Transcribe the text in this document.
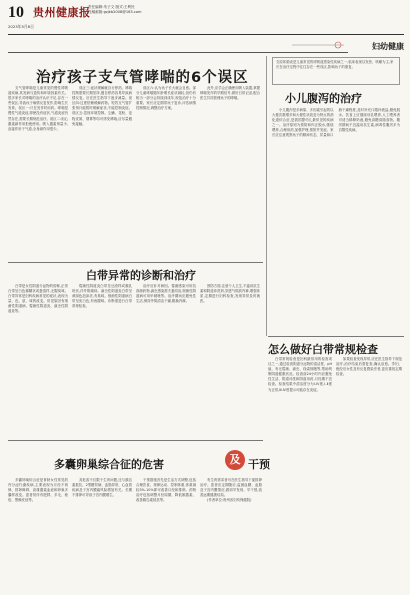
10 贵州健康报
责任编辑:朱子文 版式:王利民
投稿邮箱:gzjkb2008@163.com
2023年5月8日
妇幼健康
支原体肺炎是儿童常见的呼吸道感染性疾病之一,临床表现以发热、咳嗽为主,家长在治疗过程中往往存在一些误区,影响孩子的康复。
治疗孩子支气管哮喘的6个误区

支气管哮喘是儿童常见的慢性呼吸道疾病,其发病与遗传和环境因素有关。很多家长对哮喘的治疗认识不足,存在一些误区,导致孩子病情反复发作,影响生长发育。误区一:只在发作时用药。哮喘是慢性气道炎症,即使没有症状,气道炎症仍然存在,需要长期规范治疗。误区二:担心激素副作用拒绝使用。吸入激素剂量小,直接作用于气道,全身副作用很少。

误区三:症状缓解就自行停药。哮喘控制需要长期坚持,擅自停药容易导致病情反复。应在医生指导下逐步减量。误区四:过度依赖缓解药物。短效支气管扩张剂只能暂时缓解症状,不能控制炎症。误区五:忽视环境控制。尘螨、花粉、宠物皮屑、烟雾等均可诱发哮喘,应尽量避免接触。

误区六:认为孩子长大就会自愈。部分儿童哮喘随年龄增长症状减轻,但仍有相当一部分会持续到成年,规范治疗十分重要。家长应定期带孩子复诊,评估病情控制情况,调整治疗方案。

此外,应学会正确使用吸入装置,掌握哮喘发作的早期信号,做好日常记录,配合医生共同管理孩子的哮喘。	小儿腹泻的治疗

小儿腹泻是多病原、多因素引起的以大便次数增多和大便性状改变为特点的消化道综合征,是我国婴幼儿最常见的疾病之一。治疗原则为预防和纠正脱水,继续喂养,合理用药,加强护理,预防并发症。家长应注意观察孩子的精神状态、尿量和口唇干燥程度,及时补充口服补液盐,避免脱水。饮食上应继续母乳喂养,人工喂养者可适当稀释奶液,避免高糖高脂食物。腹泻期间不宜滥用抗生素,病毒性腹泻多为自限性疾病。

白带异常的诊断和治疗

白带是女性阴道分泌物的俗称,正常白带呈白色稀糊状或蛋清样,无腥臭味。白带异常是妇科疾病常见的症状,表现为量、色、质、味的改变。常见原因有细菌性阴道病、霉菌性阴道炎、滴虫性阴道炎等。

霉菌性阴道炎白带呈豆渣样或凝乳块状,伴外阴瘙痒。滴虫性阴道炎白带呈黄绿色泡沫状,有臭味。细菌性阴道病白带呈灰白色,有鱼腥味。诊断需进行白带常规检查。

治疗应针对病因。霉菌感染可用抗真菌药物,滴虫感染需夫妻同治,细菌性阴道病可用甲硝唑等。治疗期间应避免性生活,保持外阴清洁干燥,勤换内裤。

预防方面,注意个人卫生,不滥用抗生素和阴道冲洗剂,穿透气棉质内裤,增强体质,定期进行妇科检查,发现异常及时就医。

怎么做好白带常规检查

白带常规检查是妇科最常用的检查项目之一,通过检查阴道分泌物的清洁度、pH值、有无霉菌、滴虫、线索细胞等,帮助判断阴道健康状况。检查前24小时内应避免性生活、阴道冲洗和阴道用药,月经期不宜检查。检查结果中清洁度分为Ⅰ-Ⅳ度,Ⅰ-Ⅱ度为正常,Ⅲ-Ⅳ度提示可能存在炎症。

如果检查发现异常,应在医生指导下规范治疗,治疗结束后需复查,确认治愈。孕妇、绝经后女性及有反复感染史者,更应重视定期检查。

多囊卵巢综合征的危害	及 干预

多囊卵巢综合征是育龄女性常见的内分泌代谢疾病,主要表现为月经不规律、排卵障碍、高雄激素血症和卵巢多囊样改变。患者常伴有肥胖、多毛、痤疮、黑棘皮症等。

其危害不仅限于生育问题,还与胰岛素抵抗、2型糖尿病、血脂异常、心血管疾病及子宫内膜癌风险增加有关。长期不排卵可导致子宫内膜增生。

干预措施首先是生活方式调整,包括合理饮食、规律运动、控制体重,体重减轻5%-10%即可改善月经和排卵。药物治疗包括调整月经周期、降低雄激素、改善胰岛素抵抗等。

有生育需求者可在医生指导下促排卵治疗。患者应定期随访,监测血糖、血脂及子宫内膜情况,做到早发现、早干预,改善远期健康结局。

(作者单位:贵州省妇幼保健院)
